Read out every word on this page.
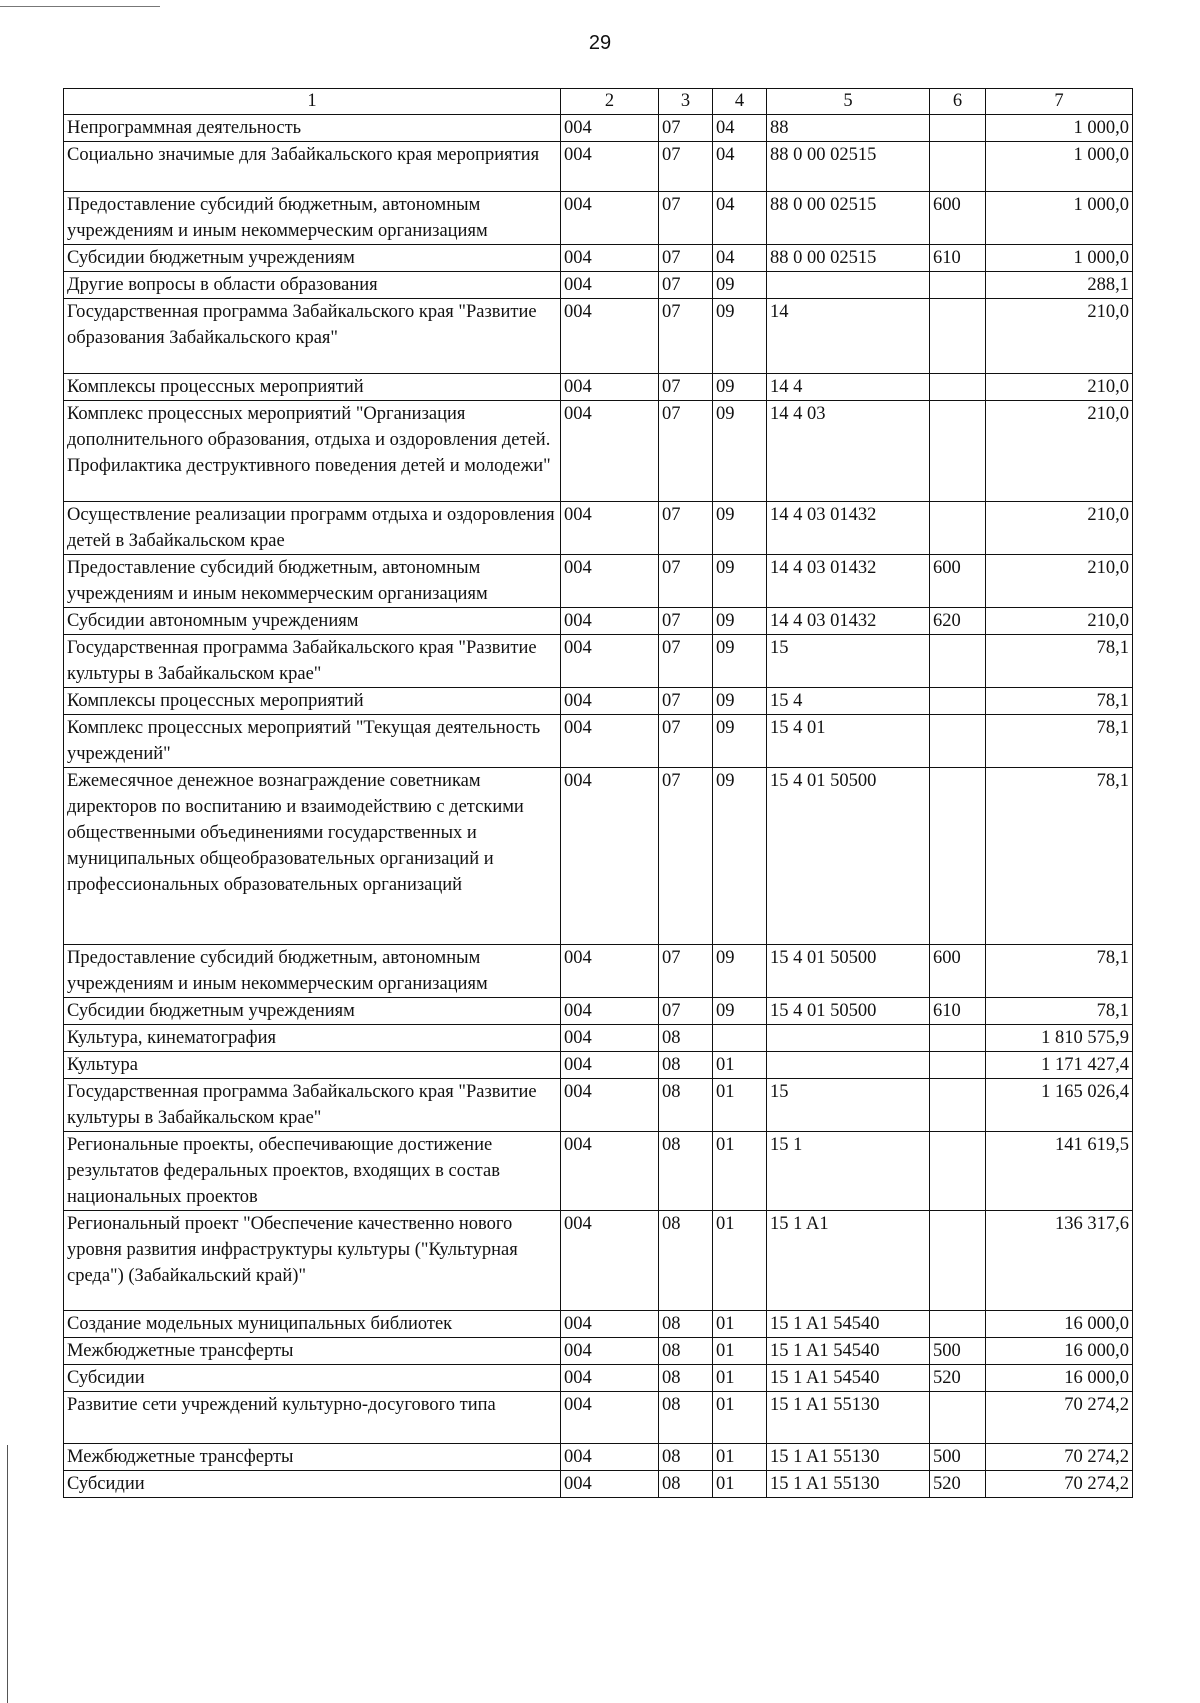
29
1	2	3	4	5	6	7
Непрограммная деятельность	004	07	04	88		1 000,0
Социально значимые для Забайкальского края мероприятия	004	07	04	88 0 00 02515		1 000,0
Предоставление субсидий бюджетным, автономным учреждениям и иным некоммерческим организациям	004	07	04	88 0 00 02515	600	1 000,0
Субсидии бюджетным учреждениям	004	07	04	88 0 00 02515	610	1 000,0
Другие вопросы в области образования	004	07	09			288,1
Государственная программа Забайкальского края "Развитие образования Забайкальского края"	004	07	09	14		210,0
Комплексы процессных мероприятий	004	07	09	14 4		210,0
Комплекс процессных мероприятий "Организация дополнительного образования, отдыха и оздоровления детей. Профилактика деструктивного поведения детей и молодежи"	004	07	09	14 4 03		210,0
Осуществление реализации программ отдыха и оздоровления детей в Забайкальском крае	004	07	09	14 4 03 01432		210,0
Предоставление субсидий бюджетным, автономным учреждениям и иным некоммерческим организациям	004	07	09	14 4 03 01432	600	210,0
Субсидии автономным учреждениям	004	07	09	14 4 03 01432	620	210,0
Государственная программа Забайкальского края "Развитие культуры в Забайкальском крае"	004	07	09	15		78,1
Комплексы процессных мероприятий	004	07	09	15 4		78,1
Комплекс процессных мероприятий "Текущая деятельность учреждений"	004	07	09	15 4 01		78,1
Ежемесячное денежное вознаграждение советникам директоров по воспитанию и взаимодействию с детскими общественными объединениями государственных и муниципальных общеобразовательных организаций и профессиональных образовательных организаций	004	07	09	15 4 01 50500		78,1
Предоставление субсидий бюджетным, автономным учреждениям и иным некоммерческим организациям	004	07	09	15 4 01 50500	600	78,1
Субсидии бюджетным учреждениям	004	07	09	15 4 01 50500	610	78,1
Культура, кинематография	004	08				1 810 575,9
Культура	004	08	01			1 171 427,4
Государственная программа Забайкальского края "Развитие культуры в Забайкальском крае"	004	08	01	15		1 165 026,4
Региональные проекты, обеспечивающие достижение результатов федеральных проектов, входящих в состав национальных проектов	004	08	01	15 1		141 619,5
Региональный проект "Обеспечение качественно нового уровня развития инфраструктуры культуры ("Культурная среда") (Забайкальский край)"	004	08	01	15 1 A1		136 317,6
Создание модельных муниципальных библиотек	004	08	01	15 1 A1 54540		16 000,0
Межбюджетные трансферты	004	08	01	15 1 A1 54540	500	16 000,0
Субсидии	004	08	01	15 1 A1 54540	520	16 000,0
Развитие сети учреждений культурно-досугового типа	004	08	01	15 1 A1 55130		70 274,2
Межбюджетные трансферты	004	08	01	15 1 A1 55130	500	70 274,2
Субсидии	004	08	01	15 1 A1 55130	520	70 274,2
